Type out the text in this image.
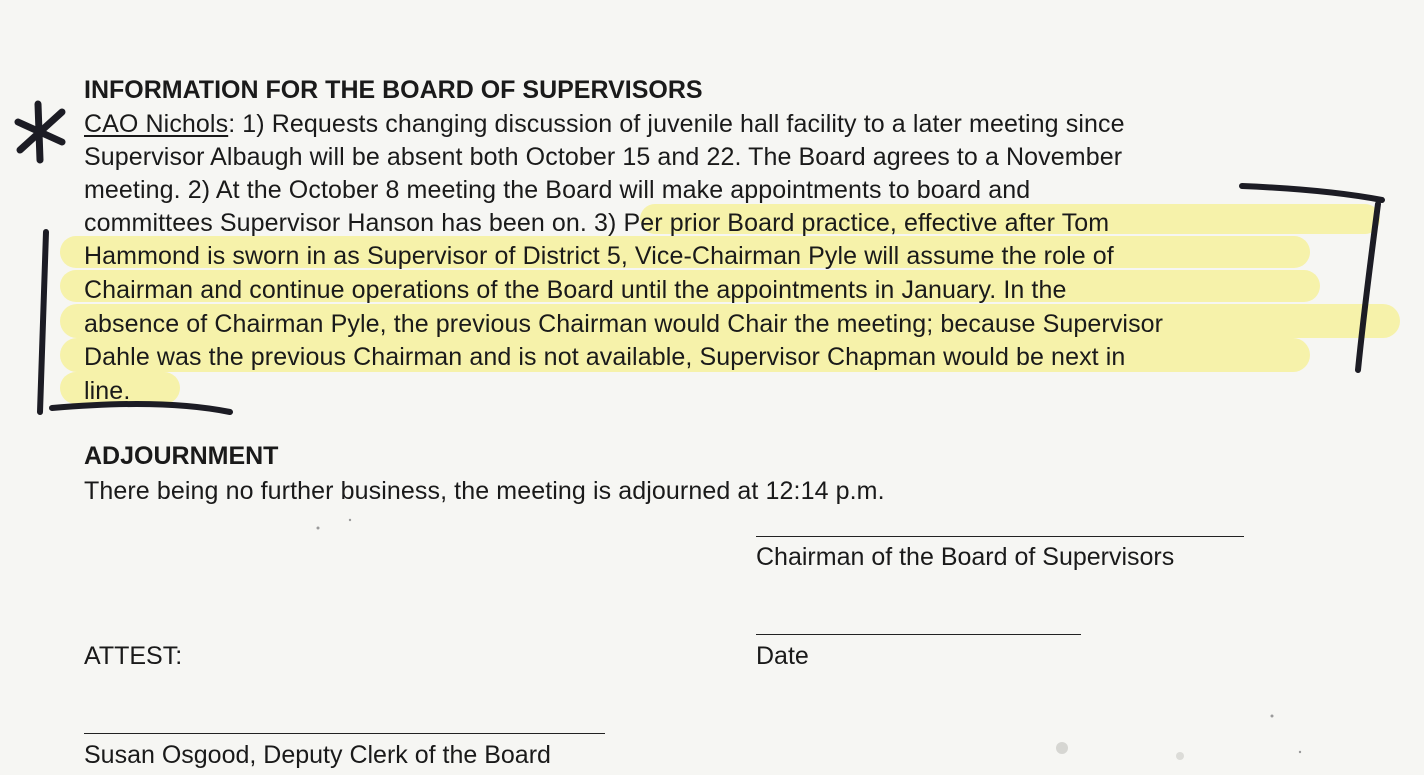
INFORMATION FOR THE BOARD OF SUPERVISORS
CAO Nichols: 1) Requests changing discussion of juvenile hall facility to a later meeting since
Supervisor Albaugh will be absent both October 15 and 22. The Board agrees to a November
meeting. 2) At the October 8 meeting the Board will make appointments to board and
committees Supervisor Hanson has been on. 3) Per prior Board practice, effective after Tom
Hammond is sworn in as Supervisor of District 5, Vice-Chairman Pyle will assume the role of
Chairman and continue operations of the Board until the appointments in January. In the
absence of Chairman Pyle, the previous Chairman would Chair the meeting; because Supervisor
Dahle was the previous Chairman and is not available, Supervisor Chapman would be next in
line.
ADJOURNMENT
There being no further business, the meeting is adjourned at 12:14 p.m.
Chairman of the Board of Supervisors
Date
ATTEST:
Susan Osgood, Deputy Clerk of the Board
